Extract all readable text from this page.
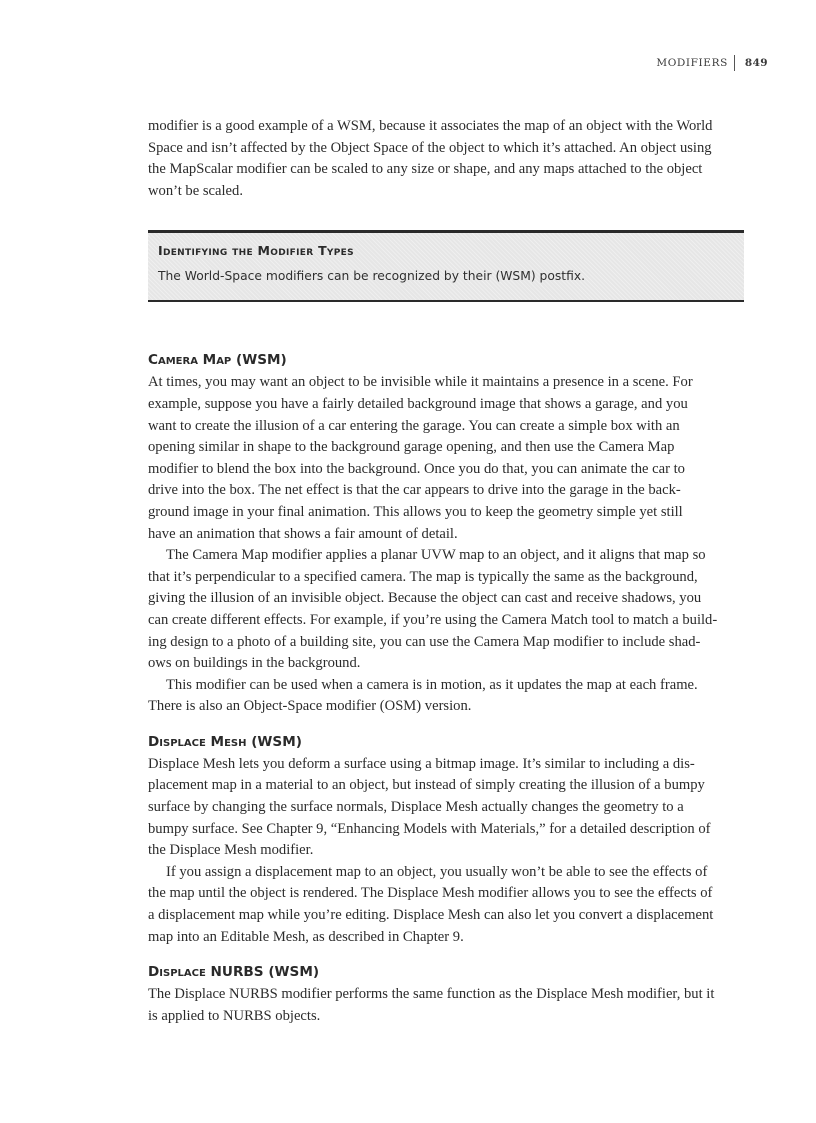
MODIFIERS 849

modifier is a good example of a WSM, because it associates the map of an object with the World
Space and isn’t affected by the Object Space of the object to which it’s attached. An object using
the MapScalar modifier can be scaled to any size or shape, and any maps attached to the object
won’t be scaled.

Identifying the Modifier Types
The World-Space modifiers can be recognized by their (WSM) postfix.
Camera Map (WSM)

At times, you may want an object to be invisible while it maintains a presence in a scene. For
example, suppose you have a fairly detailed background image that shows a garage, and you
want to create the illusion of a car entering the garage. You can create a simple box with an
opening similar in shape to the background garage opening, and then use the Camera Map
modifier to blend the box into the background. Once you do that, you can animate the car to
drive into the box. The net effect is that the car appears to drive into the garage in the back-
ground image in your final animation. This allows you to keep the geometry simple yet still
have an animation that shows a fair amount of detail.

The Camera Map modifier applies a planar UVW map to an object, and it aligns that map so
that it’s perpendicular to a specified camera. The map is typically the same as the background,
giving the illusion of an invisible object. Because the object can cast and receive shadows, you
can create different effects. For example, if you’re using the Camera Match tool to match a build-
ing design to a photo of a building site, you can use the Camera Map modifier to include shad-
ows on buildings in the background.

This modifier can be used when a camera is in motion, as it updates the map at each frame.
There is also an Object-Space modifier (OSM) version.

Displace Mesh (WSM)

Displace Mesh lets you deform a surface using a bitmap image. It’s similar to including a dis-
placement map in a material to an object, but instead of simply creating the illusion of a bumpy
surface by changing the surface normals, Displace Mesh actually changes the geometry to a
bumpy surface. See Chapter 9, “Enhancing Models with Materials,” for a detailed description of
the Displace Mesh modifier.

If you assign a displacement map to an object, you usually won’t be able to see the effects of
the map until the object is rendered. The Displace Mesh modifier allows you to see the effects of
a displacement map while you’re editing. Displace Mesh can also let you convert a displacement
map into an Editable Mesh, as described in Chapter 9.

Displace NURBS (WSM)

The Displace NURBS modifier performs the same function as the Displace Mesh modifier, but it
is applied to NURBS objects.
